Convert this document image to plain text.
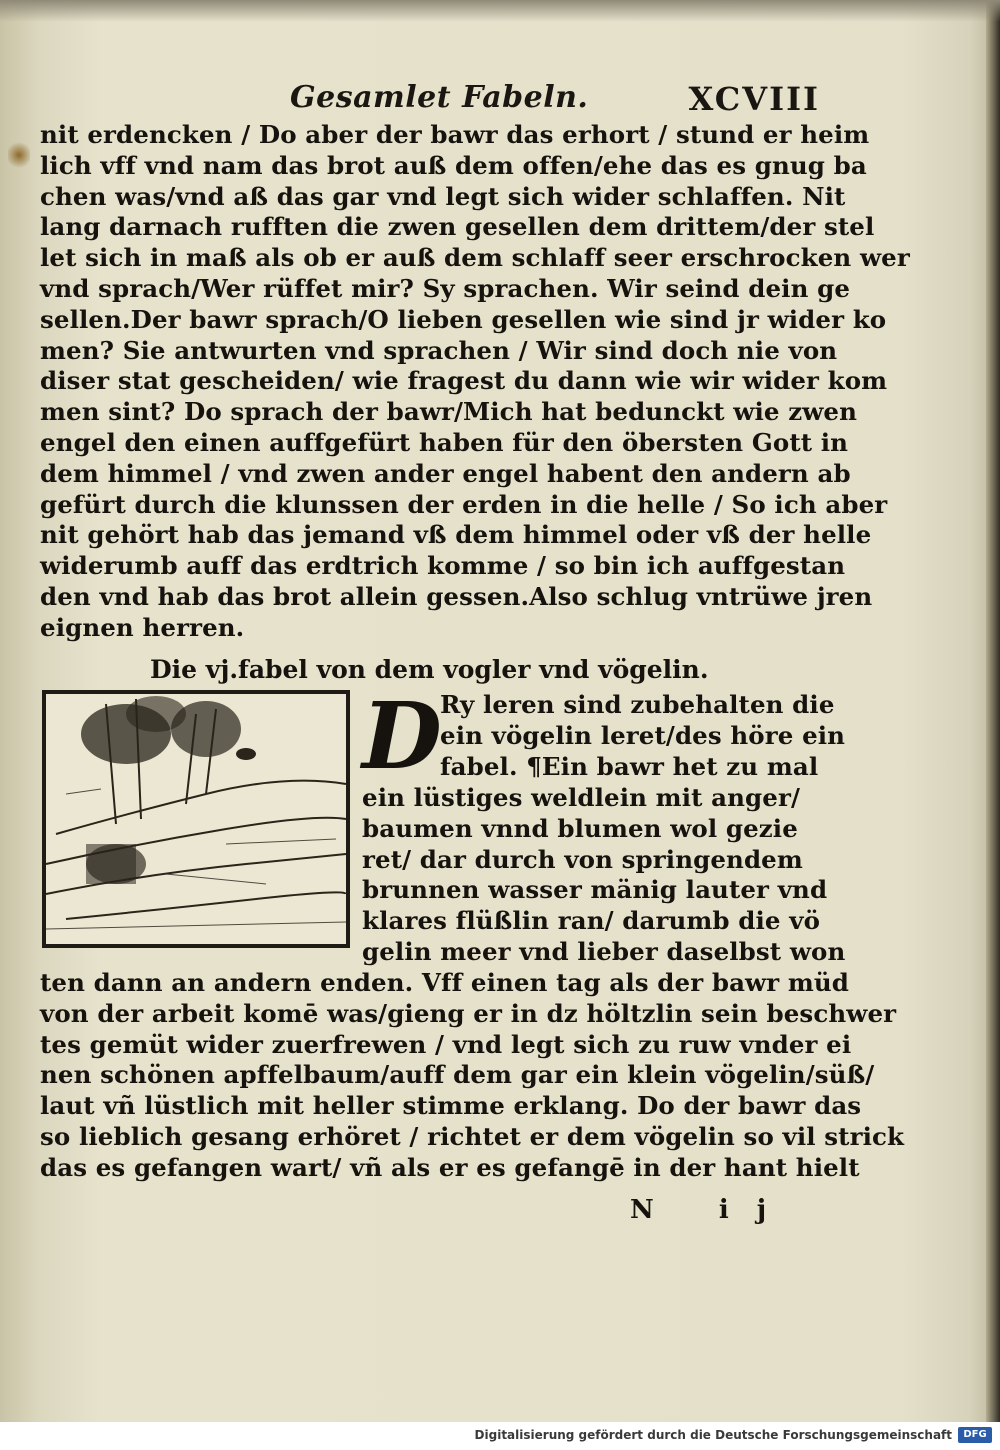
Gesamlet Fabeln.	XCVIII
nit erdencken / Do aber der bawr das erhort / stund er heim
lich vff vnd nam das brot auß dem offen/ehe das es gnug ba
chen was/vnd aß das gar vnd legt sich wider schlaffen. Nit
lang darnach rufften die zwen gesellen dem drittem/der stel
let sich in maß als ob er auß dem schlaff seer erschrocken wer
vnd sprach/Wer rüffet mir? Sy sprachen. Wir seind dein ge
sellen.Der bawr sprach/O lieben gesellen wie sind jr wider ko
men? Sie antwurten vnd sprachen / Wir sind doch nie von
diser stat gescheiden/ wie fragest du dann wie wir wider kom
men sint? Do sprach der bawr/Mich hat bedunckt wie zwen
engel den einen auffgefürt haben für den öbersten Gott in
dem himmel / vnd zwen ander engel habent den andern ab
gefürt durch die klunssen der erden in die helle / So ich aber
nit gehört hab das jemand vß dem himmel oder vß der helle
widerumb auff das erdtrich komme / so bin ich auffgestan
den vnd hab das brot allein gessen.Also schlug vntrüwe jren
eignen herren.
Die vj.fabel von dem vogler vnd vögelin.
D
Ry leren sind zubehalten die
ein vögelin leret/des höre ein
fabel. ¶Ein bawr het zu mal
ein lüstiges weldlein mit anger/
baumen vnnd blumen wol gezie
ret/ dar durch von springendem
brunnen wasser mänig lauter vnd
klares flüßlin ran/ darumb die vö
gelin meer vnd lieber daselbst won
ten dann an andern enden. Vff einen tag als der bawr müd
von der arbeit komē was/gieng er in dz höltzlin sein beschwer
tes gemüt wider zuerfrewen / vnd legt sich zu ruw vnder ei
nen schönen apffelbaum/auff dem gar ein klein vögelin/süß/
laut vñ lüstlich mit heller stimme erklang. Do der bawr das
so lieblich gesang erhöret / richtet er dem vögelin so vil strick
das es gefangen wart/ vñ als er es gefangē in der hant hielt
N ij
Digitalisierung gefördert durch die Deutsche Forschungsgemeinschaft	DFG
